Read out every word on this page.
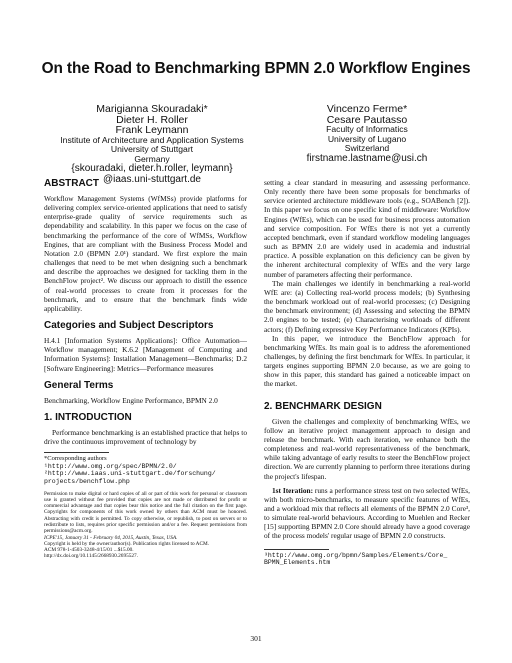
On the Road to Benchmarking BPMN 2.0 Workflow Engines
Marigianna Skouradaki*
Dieter H. Roller
Frank Leymann
Institute of Architecture and Application Systems
University of Stuttgart
Germany
{skouradaki, dieter.h.roller, leymann}
@iaas.uni-stuttgart.de
Vincenzo Ferme*
Cesare Pautasso
Faculty of Informatics
University of Lugano
Switzerland
firstname.lastname@usi.ch
ABSTRACT

Workflow Management Systems (WfMSs) provide platforms for delivering complex service-oriented applications that need to satisfy enterprise-grade quality of service requirements such as dependability and scalability. In this paper we focus on the case of benchmarking the performance of the core of WfMSs, Workflow Engines, that are compliant with the Business Process Model and Notation 2.0 (BPMN 2.0¹) standard. We first explore the main challenges that need to be met when designing such a benchmark and describe the approaches we designed for tackling them in the BenchFlow project². We discuss our approach to distill the essence of real-world processes to create from it processes for the benchmark, and to ensure that the benchmark finds wide applicability.

Categories and Subject Descriptors

H.4.1 [Information Systems Applications]: Office Automation—Workflow management; K.6.2 [Management of Computing and Information Systems]: Installation Management—Benchmarks; D.2 [Software Engineering]: Metrics—Performance measures

General Terms

Benchmarking, Workflow Engine Performance, BPMN 2.0

1. INTRODUCTION

Performance benchmarking is an established practice that helps to drive the continuous improvement of technology by

*Corresponding authors
¹http://www.omg.org/spec/BPMN/2.0/
²http://www.iaas.uni-stuttgart.de/forschung/ projects/benchflow.php
Permission to make digital or hard copies of all or part of this work for personal or classroom use is granted without fee provided that copies are not made or distributed for profit or commercial advantage and that copies bear this notice and the full citation on the first page. Copyrights for components of this work owned by others than ACM must be honored. Abstracting with credit is permitted. To copy otherwise, or republish, to post on servers or to redistribute to lists, requires prior specific permission and/or a fee. Request permissions from permissions@acm.org.
ICPE'15, January 31 - February 04, 2015, Austin, Texas, USA.
Copyright is held by the owner/author(s). Publication rights licensed to ACM.
ACM 978-1-4503-3248-4/15/01 ...$15.00.
http://dx.doi.org/10.1145/2668930.2695527.

setting a clear standard in measuring and assessing performance. Only recently there have been some proposals for benchmarks of service oriented architecture middleware tools (e.g., SOABench [2]). In this paper we focus on one specific kind of middleware: Workflow Engines (WfEs), which can be used for business process automation and service composition. For WfEs there is not yet a currently accepted benchmark, even if standard workflow modeling languages such as BPMN 2.0 are widely used in academia and industrial practice. A possible explanation on this deficiency can be given by the inherent architectural complexity of WfEs and the very large number of parameters affecting their performance.

The main challenges we identify in benchmarking a real-world WfE are: (a) Collecting real-world process models; (b) Synthesing the benchmark workload out of real-world processes; (c) Designing the benchmark environment; (d) Assessing and selecting the BPMN 2.0 engines to be tested; (e) Characterising workloads of different actors; (f) Defining expressive Key Performance Indicators (KPIs).

In this paper, we introduce the BenchFlow approach for benchmarking WfEs. Its main goal is to address the aforementioned challenges, by defining the first benchmark for WfEs. In particular, it targets engines supporting BPMN 2.0 because, as we are going to show in this paper, this standard has gained a noticeable impact on the market.

2. BENCHMARK DESIGN

Given the challenges and complexity of benchmarking WfEs, we follow an iterative project management approach to design and release the benchmark. With each iteration, we enhance both the completeness and real-world representativeness of the benchmark, while taking advantage of early results to steer the BenchFlow project direction. We are currently planning to perform three iterations during the project's lifespan.

1st Iteration: runs a performance stress test on two selected WfEs, with both micro-benchmarks, to measure specific features of WfEs, and a workload mix that reflects all elements of the BPMN 2.0 Core³, to simulate real-world behaviours. According to Muehlen and Recker [15] supporting BPMN 2.0 Core should already have a good coverage of the process models' regular usage of BPMN 2.0 constructs.

³http://www.omg.org/bpmn/Samples/Elements/Core_ BPMN_Elements.htm
301
